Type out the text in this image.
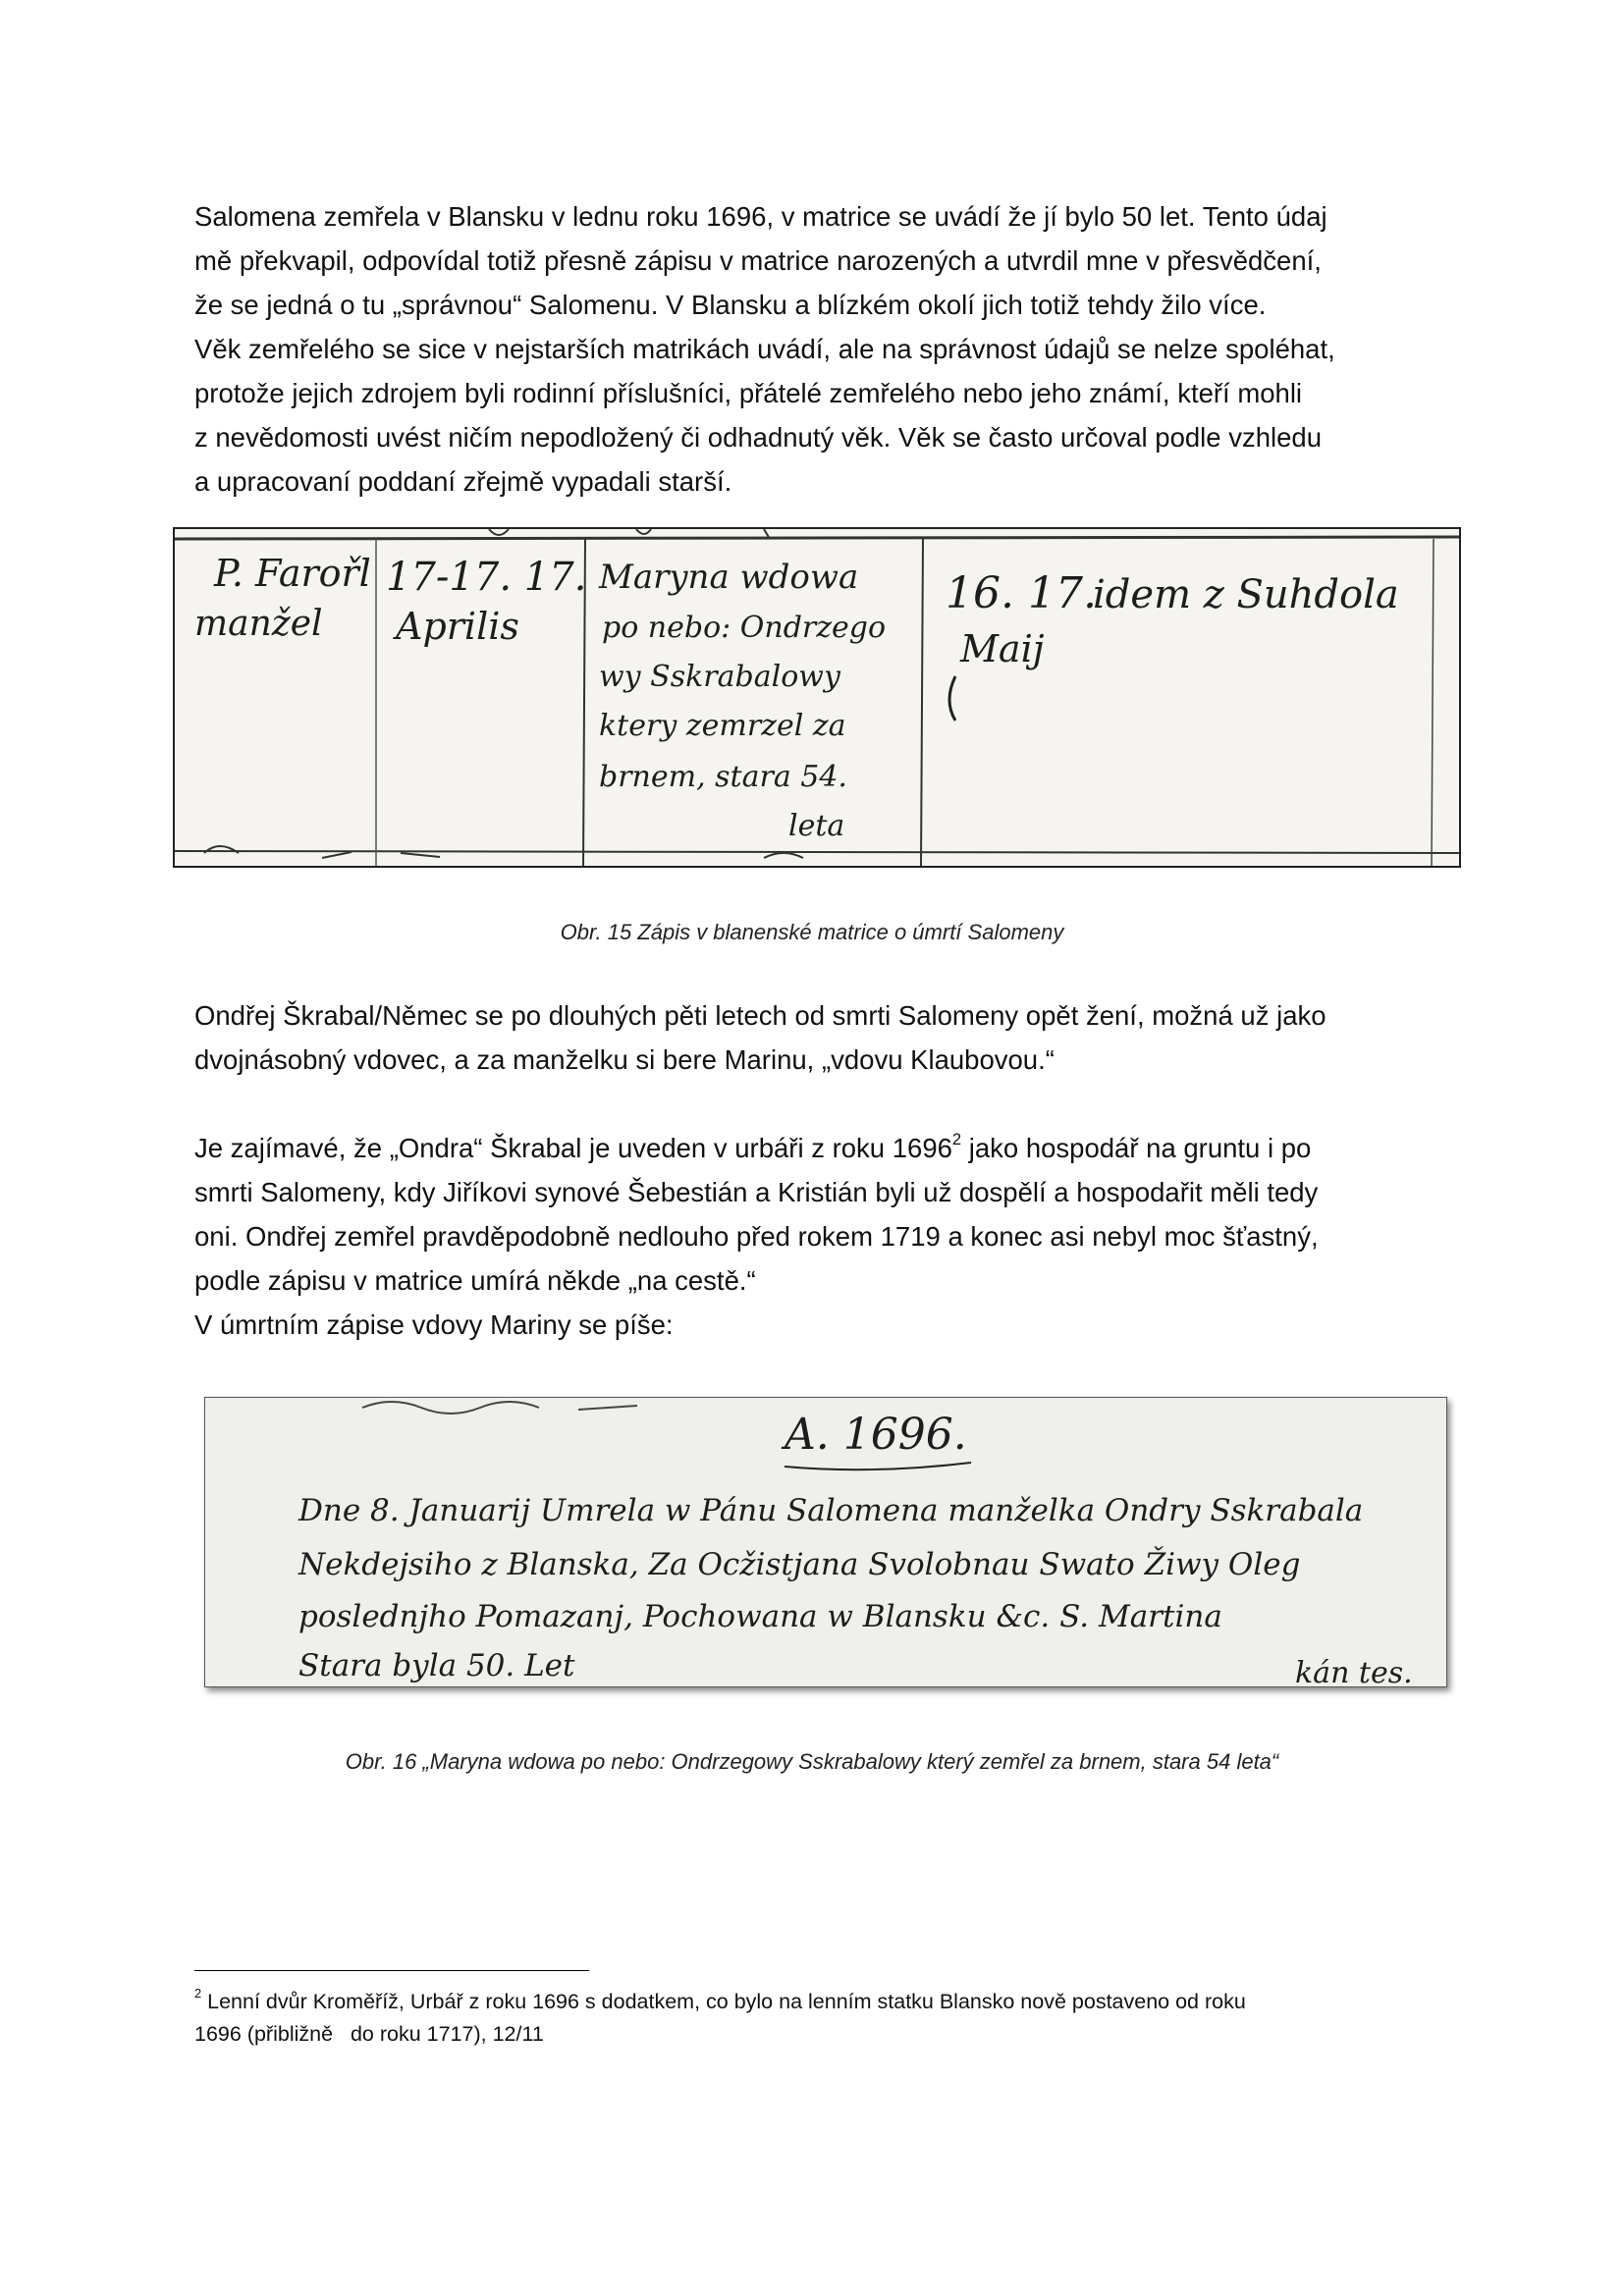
Salomena zemřela v Blansku v lednu roku 1696, v matrice se uvádí že jí bylo 50 let. Tento údaj
mě překvapil, odpovídal totiž přesně zápisu v matrice narozených a utvrdil mne v přesvědčení,
že se jedná o tu „správnou“ Salomenu. V Blansku a blízkém okolí jich totiž tehdy žilo více.
Věk zemřelého se sice v nejstarších matrikách uvádí, ale na správnost údajů se nelze spoléhat,
protože jejich zdrojem byli rodinní příslušníci, přátelé zemřelého nebo jeho známí, kteří mohli
z nevědomosti uvést ničím nepodložený či odhadnutý věk. Věk se často určoval podle vzhledu
a upracovaní poddaní zřejmě vypadali starší.
P. Farořl
manžel
17-17. 17.
Aprilis
Maryna wdowa
po nebo: Ondrzego
wy Sskrabalowy
ktery zemrzel za
brnem, stara 54.
leta
16. 17.
Maij
idem z Suhdola

Obr. 15 Zápis v blanenské matrice o úmrtí Salomeny

Ondřej Škrabal/Němec se po dlouhých pěti letech od smrti Salomeny opět žení, možná už jako
dvojnásobný vdovec, a za manželku si bere Marinu, „vdovu Klaubovou.“
Je zajímavé, že „Ondra“ Škrabal je uveden v urbáři z roku 1696$^2$ jako hospodář na gruntu i po
smrti Salomeny, kdy Jiříkovi synové Šebestián a Kristián byli už dospělí a hospodařit měli tedy
oni. Ondřej zemřel pravděpodobně nedlouho před rokem 1719 a konec asi nebyl moc šťastný,
podle zápisu v matrice umírá někde „na cestě.“
V úmrtním zápise vdovy Mariny se píše:
A. 1696.
Dne 8. Januarij Umrela w Pánu Salomena manželka Ondry Sskrabala
Nekdejsiho z Blanska, Za Ocžistjana Svolobnau Swato Žiwy Oleg
poslednjho Pomazanj, Pochowana w Blansku &c. S. Martina
Stara byla 50. Let	kán tes.

Obr. 16 „Maryna wdowa po nebo: Ondrzegowy Sskrabalowy který zemřel za brnem, stara 54 leta“

$^2$ Lenní dvůr Kroměříž, Urbář z roku 1696 s dodatkem, co bylo na lenním statku Blansko nově postaveno od roku
1696 (přibližně   do roku 1717), 12/11
